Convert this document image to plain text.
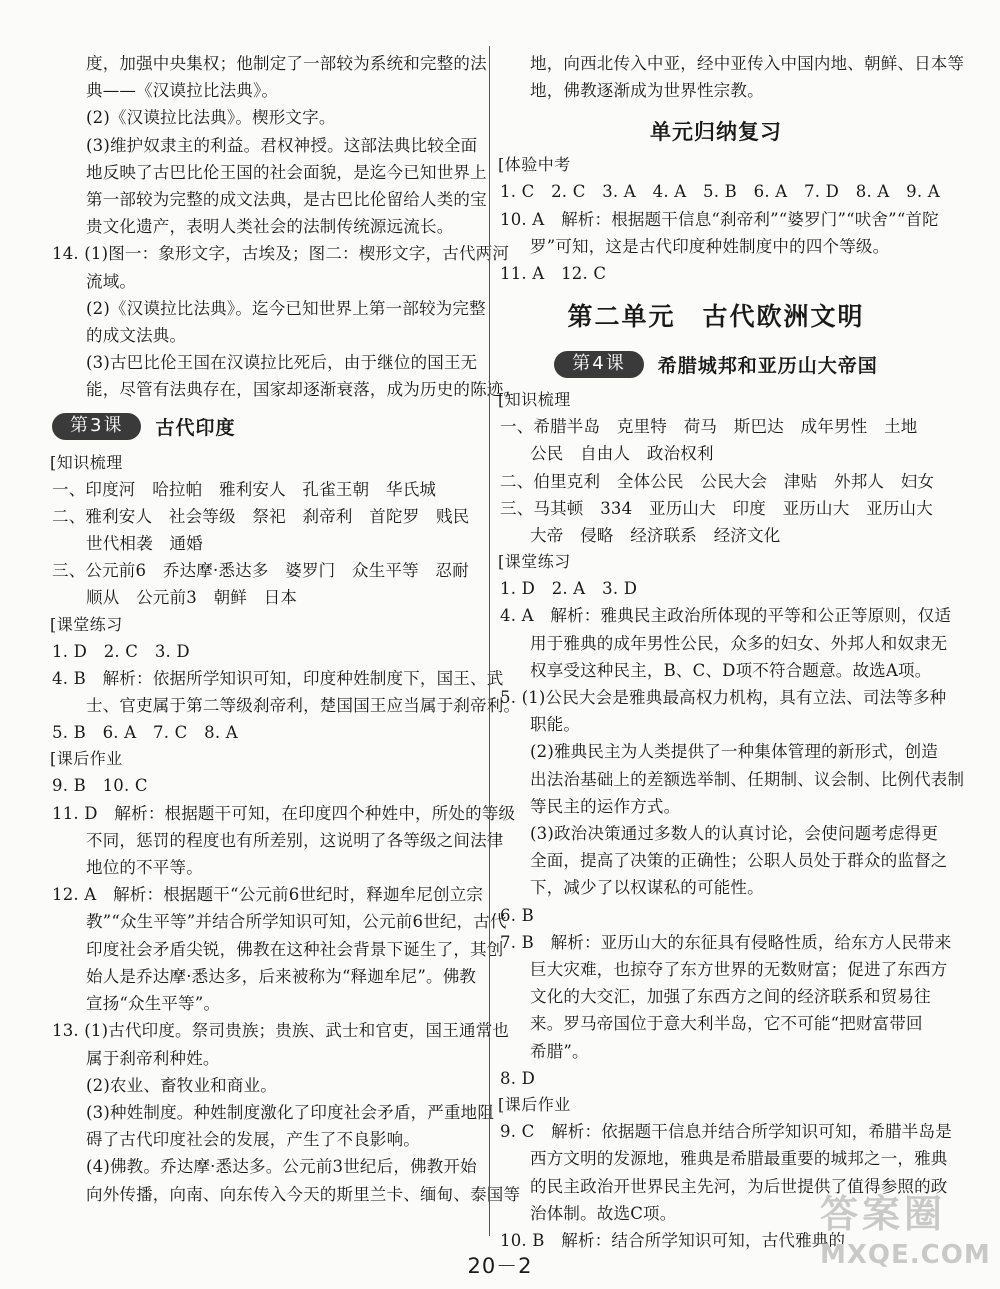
度，加强中央集权；他制定了一部较为系统和完整的法
典——《汉谟拉比法典》。
(2)《汉谟拉比法典》。楔形文字。
(3)维护奴隶主的利益。君权神授。这部法典比较全面
地反映了古巴比伦王国的社会面貌，是迄今已知世界上
第一部较为完整的成文法典，是古巴比伦留给人类的宝
贵文化遗产，表明人类社会的法制传统源远流长。
14. (1)图一：象形文字，古埃及；图二：楔形文字，古代两河
流域。
(2)《汉谟拉比法典》。迄今已知世界上第一部较为完整
的成文法典。
(3)古巴比伦王国在汉谟拉比死后，由于继位的国王无
能，尽管有法典存在，国家却逐渐衰落，成为历史的陈迹。
第3课	古代印度
[知识梳理
一、印度河　哈拉帕　雅利安人　孔雀王朝　华氏城
二、雅利安人　社会等级　祭祀　刹帝利　首陀罗　贱民
世代相袭　通婚
三、公元前6　乔达摩·悉达多　婆罗门　众生平等　忍耐
顺从　公元前3　朝鲜　日本
[课堂练习
1. D　2. C　3. D
4. B　解析：依据所学知识可知，印度种姓制度下，国王、武
士、官吏属于第二等级刹帝利，楚国国王应当属于刹帝利。
5. B　6. A　7. C　8. A
[课后作业
9. B　10. C
11. D　解析：根据题干可知，在印度四个种姓中，所处的等级
不同，惩罚的程度也有所差别，这说明了各等级之间法律
地位的不平等。
12. A　解析：根据题干“公元前6世纪时，释迦牟尼创立宗
教”“众生平等”并结合所学知识可知，公元前6世纪，古代
印度社会矛盾尖锐，佛教在这种社会背景下诞生了，其创
始人是乔达摩·悉达多，后来被称为“释迦牟尼”。佛教
宣扬“众生平等”。
13. (1)古代印度。祭司贵族；贵族、武士和官吏，国王通常也
属于刹帝利种姓。
(2)农业、畜牧业和商业。
(3)种姓制度。种姓制度激化了印度社会矛盾，严重地阻
碍了古代印度社会的发展，产生了不良影响。
(4)佛教。乔达摩·悉达多。公元前3世纪后，佛教开始
向外传播，向南、向东传入今天的斯里兰卡、缅甸、泰国等
地，向西北传入中亚，经中亚传入中国内地、朝鲜、日本等
地，佛教逐渐成为世界性宗教。
单元归纳复习
[体验中考
1. C　2. C　3. A　4. A　5. B　6. A　7. D　8. A　9. A
10. A　解析：根据题干信息“刹帝利”“婆罗门”“吠舍”“首陀
罗”可知，这是古代印度种姓制度中的四个等级。
11. A　12. C
第二单元　古代欧洲文明
第4课	希腊城邦和亚历山大帝国
[知识梳理
一、希腊半岛　克里特　荷马　斯巴达　成年男性　土地
公民　自由人　政治权利
二、伯里克利　全体公民　公民大会　津贴　外邦人　妇女
三、马其顿　334　亚历山大　印度　亚历山大　亚历山大
大帝　侵略　经济联系　经济文化
[课堂练习
1. D　2. A　3. D
4. A　解析：雅典民主政治所体现的平等和公正等原则，仅适
用于雅典的成年男性公民，众多的妇女、外邦人和奴隶无
权享受这种民主，B、C、D项不符合题意。故选A项。
5. (1)公民大会是雅典最高权力机构，具有立法、司法等多种
职能。
(2)雅典民主为人类提供了一种集体管理的新形式，创造
出法治基础上的差额选举制、任期制、议会制、比例代表制
等民主的运作方式。
(3)政治决策通过多数人的认真讨论，会使问题考虑得更
全面，提高了决策的正确性；公职人员处于群众的监督之
下，减少了以权谋私的可能性。
6. B
7. B　解析：亚历山大的东征具有侵略性质，给东方人民带来
巨大灾难，也掠夺了东方世界的无数财富；促进了东西方
文化的大交汇，加强了东西方之间的经济联系和贸易往
来。罗马帝国位于意大利半岛，它不可能“把财富带回
希腊”。
8. D
[课后作业
9. C　解析：依据题干信息并结合所学知识可知，希腊半岛是
西方文明的发源地，雅典是希腊最重要的城邦之一，雅典
的民主政治开世界民主先河，为后世提供了值得参照的政
治体制。故选C项。
10. B　解析：结合所学知识可知，古代雅典的
20－2
答案圈
MXQE.COM
